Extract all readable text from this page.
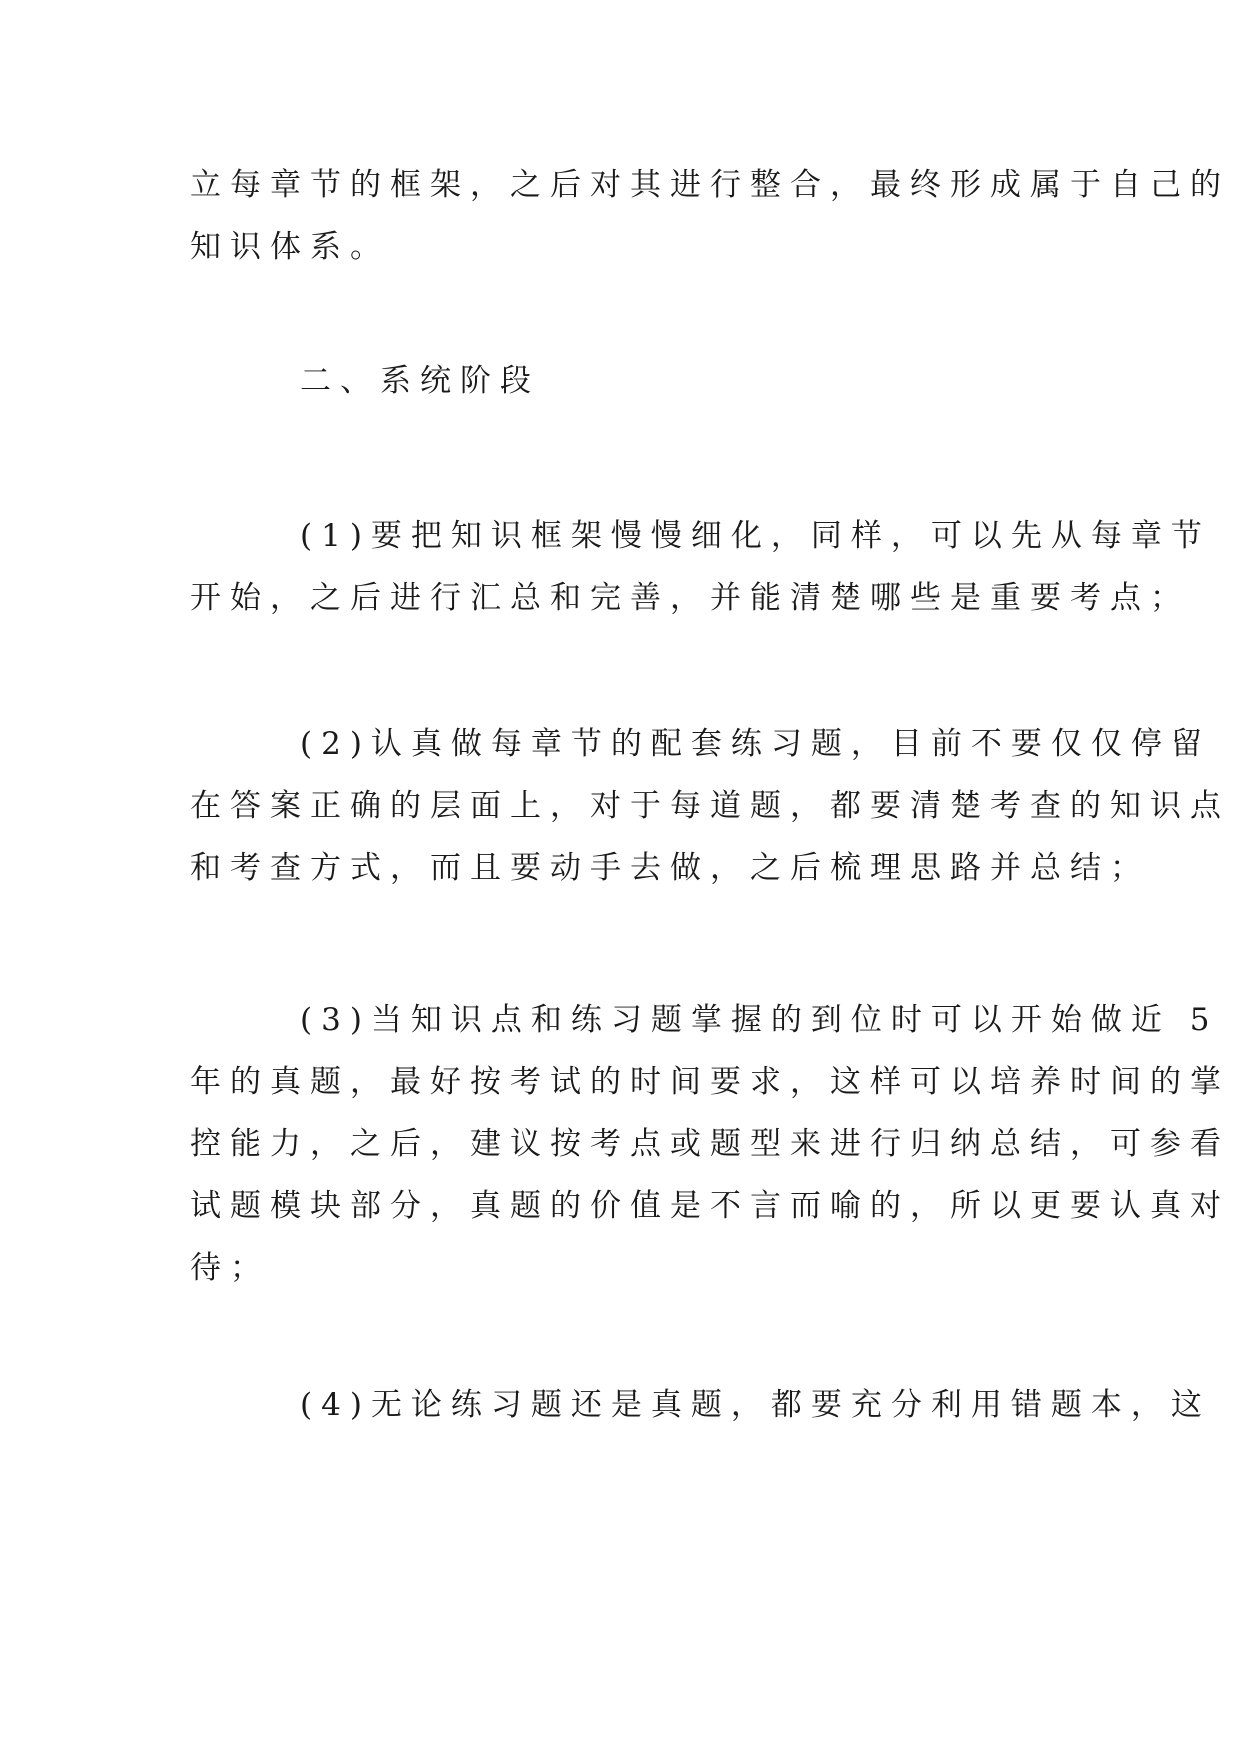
立每章节的框架，之后对其进行整合，最终形成属于自己的
知识体系。

二、系统阶段

(1)要把知识框架慢慢细化，同样，可以先从每章节
开始，之后进行汇总和完善，并能清楚哪些是重要考点；

(2)认真做每章节的配套练习题，目前不要仅仅停留
在答案正确的层面上，对于每道题，都要清楚考查的知识点
和考查方式，而且要动手去做，之后梳理思路并总结；

(3)当知识点和练习题掌握的到位时可以开始做近 5
年的真题，最好按考试的时间要求，这样可以培养时间的掌
控能力，之后，建议按考点或题型来进行归纳总结，可参看
试题模块部分，真题的价值是不言而喻的，所以更要认真对
待；

(4)无论练习题还是真题，都要充分利用错题本，这
